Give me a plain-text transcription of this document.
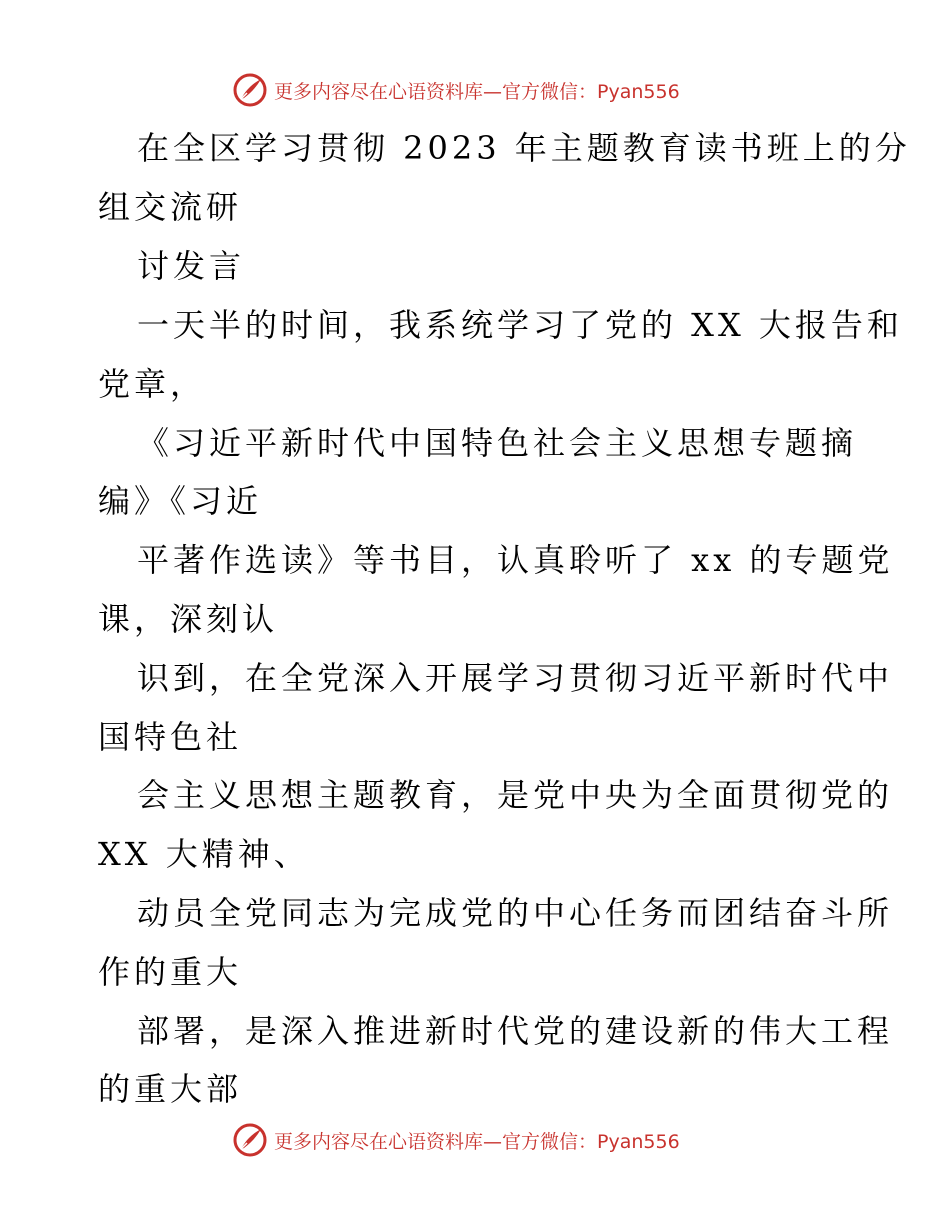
更多内容尽在心语资料库—官方微信：Pyan556
在全区学习贯彻 2023 年主题教育读书班上的分
组交流研
讨发言
一天半的时间，我系统学习了党的 XX 大报告和
党章，
《习近平新时代中国特色社会主义思想专题摘
编》《习近
平著作选读》等书目，认真聆听了 xx 的专题党
课，深刻认
识到，在全党深入开展学习贯彻习近平新时代中
国特色社
会主义思想主题教育，是党中央为全面贯彻党的
XX 大精神、
动员全党同志为完成党的中心任务而团结奋斗所
作的重大
部署，是深入推进新时代党的建设新的伟大工程
的重大部
更多内容尽在心语资料库—官方微信：Pyan556
